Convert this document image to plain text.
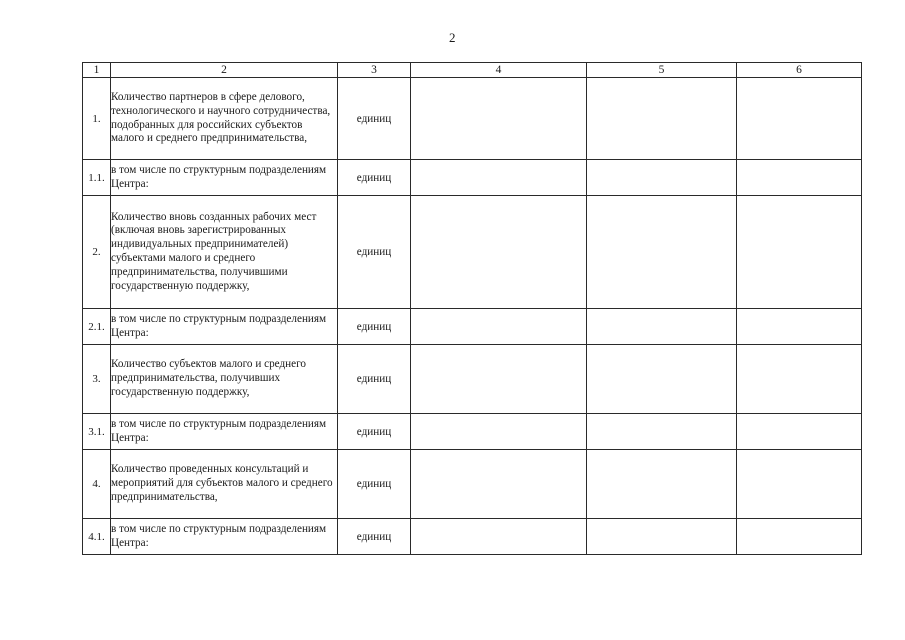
2
1	2	3	4	5	6
1.	Количество партнеров в сфере делового, технологического и научного сотрудничества, подобранных для российских субъектов малого и среднего предпринимательства,	единиц			
1.1.	в том числе по структурным подразделениям Центра:	единиц			
2.	Количество вновь созданных рабочих мест (включая вновь зарегистрированных индивидуальных предпринимателей) субъектами малого и среднего предпринимательства, получившими государственную поддержку,	единиц			
2.1.	в том числе по структурным подразделениям Центра:	единиц			
3.	Количество субъектов малого и среднего предпринимательства, получивших государственную поддержку,	единиц			
3.1.	в том числе по структурным подразделениям Центра:	единиц			
4.	Количество проведенных консультаций и мероприятий для субъектов малого и среднего предпринимательства,	единиц			
4.1.	в том числе по структурным подразделениям Центра:	единиц			
